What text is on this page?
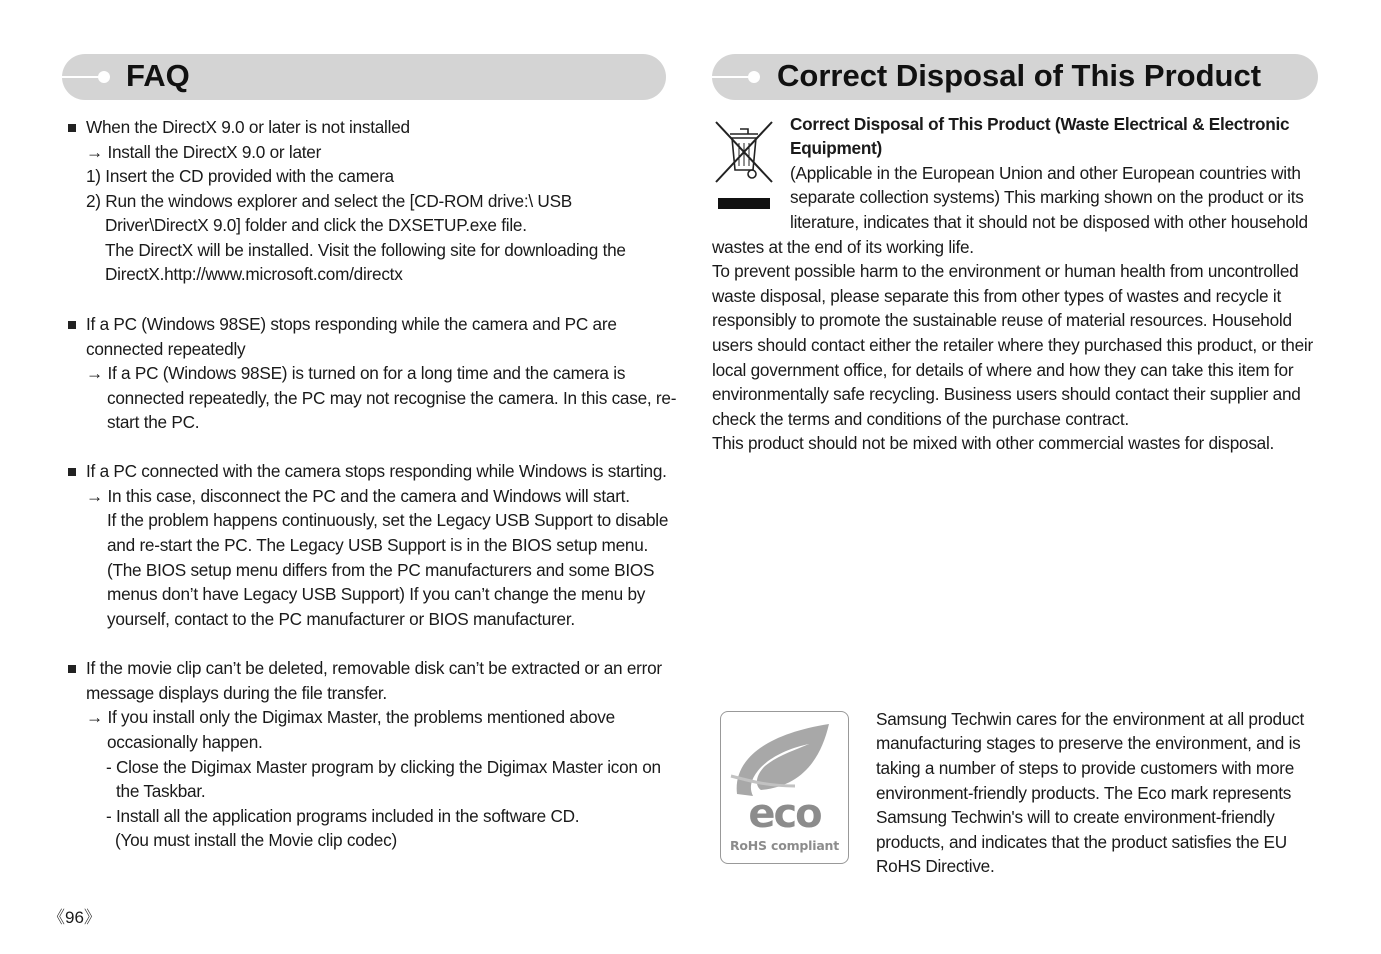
FAQ	Correct Disposal of This Product
When the DirectX 9.0 or later is not installed
→ Install the DirectX 9.0 or later
1) Insert the CD provided with the camera
2) Run the windows explorer and select the [CD-ROM drive:\ USB
Driver\DirectX 9.0] folder and click the DXSETUP.exe file.
The DirectX will be installed. Visit the following site for downloading the
DirectX.http://www.microsoft.com/directx
If a PC (Windows 98SE) stops responding while the camera and PC are
connected repeatedly
→ If a PC (Windows 98SE) is turned on for a long time and the camera is
connected repeatedly, the PC may not recognise the camera. In this case, re-
start the PC.
If a PC connected with the camera stops responding while Windows is starting.
→ In this case, disconnect the PC and the camera and Windows will start.
If the problem happens continuously, set the Legacy USB Support to disable
and re-start the PC. The Legacy USB Support is in the BIOS setup menu.
(The BIOS setup menu differs from the PC manufacturers and some BIOS
menus don’t have Legacy USB Support) If you can’t change the menu by
yourself, contact to the PC manufacturer or BIOS manufacturer.
If the movie clip can’t be deleted, removable disk can’t be extracted or an error
message displays during the file transfer.
→ If you install only the Digimax Master, the problems mentioned above
occasionally happen.
- Close the Digimax Master program by clicking the Digimax Master icon on
the Taskbar.
- Install all the application programs included in the software CD.
(You must install the Movie clip codec)
《96》
Correct Disposal of This Product (Waste Electrical & Electronic
Equipment)
(Applicable in the European Union and other European countries with
separate collection systems) This marking shown on the product or its
literature, indicates that it should not be disposed with other household
wastes at the end of its working life.
To prevent possible harm to the environment or human health from uncontrolled
waste disposal, please separate this from other types of wastes and recycle it
responsibly to promote the sustainable reuse of material resources. Household
users should contact either the retailer where they purchased this product, or their
local government office, for details of where and how they can take this item for
environmentally safe recycling. Business users should contact their supplier and
check the terms and conditions of the purchase contract.
This product should not be mixed with other commercial wastes for disposal.
eco
RoHS compliant
Samsung Techwin cares for the environment at all product
manufacturing stages to preserve the environment, and is
taking a number of steps to provide customers with more
environment-friendly products. The Eco mark represents
Samsung Techwin's will to create environment-friendly
products, and indicates that the product satisfies the EU
RoHS Directive.
